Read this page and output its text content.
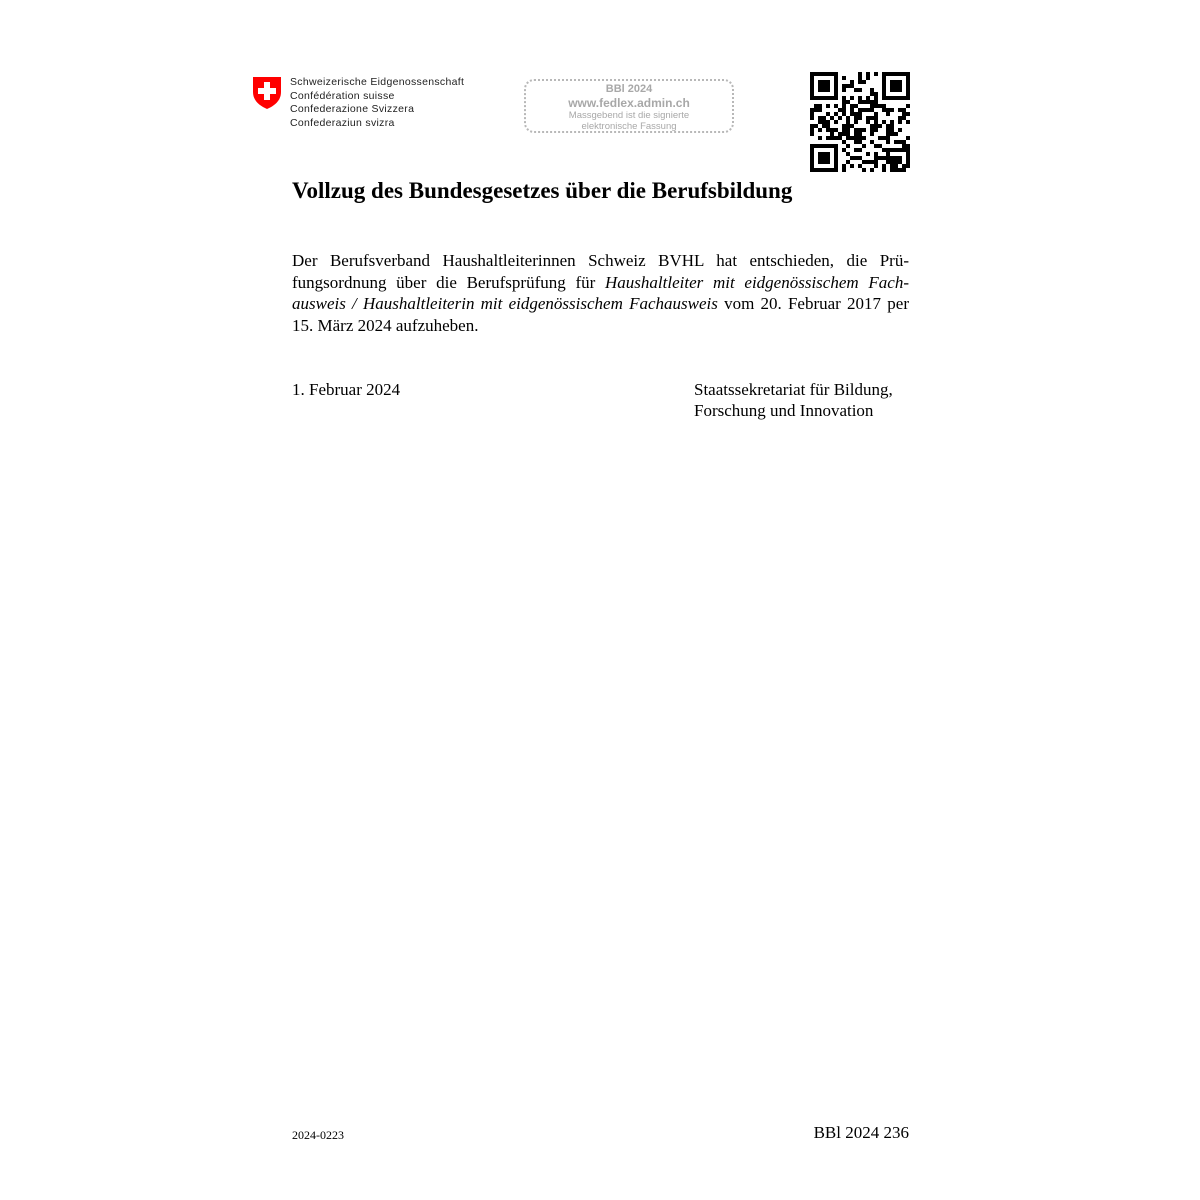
Schweizerische Eidgenossenschaft
Confédération suisse
Confederazione Svizzera
Confederaziun svizra
BBl 2024
www.fedlex.admin.ch
Massgebend ist die signierte
elektronische Fassung
Vollzug des Bundesgesetzes über die Berufsbildung
Der Berufsverband Haushaltleiterinnen Schweiz BVHL hat entschieden, die Prüfungsordnung über die Berufsprüfung für Haushaltleiter mit eidgenössischem Fachausweis / Haushaltleiterin mit eidgenössischem Fachausweis vom 20. Februar 2017 per 15. März 2024 aufzuheben.
1. Februar 2024	Staatssekretariat für Bildung,
Forschung und Innovation
2024-0223	BBl 2024 236
